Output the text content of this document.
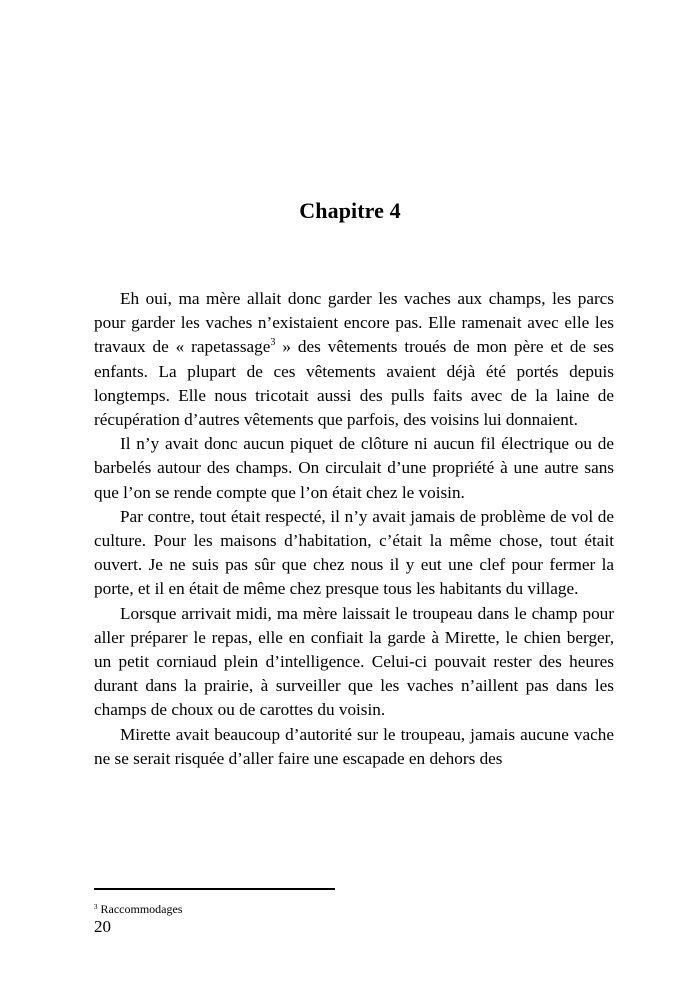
Chapitre 4

Eh oui, ma mère allait donc garder les vaches aux champs, les parcs pour garder les vaches n’existaient encore pas. Elle ramenait avec elle les travaux de « rapetassage$^3$ » des vêtements troués de mon père et de ses enfants. La plupart de ces vêtements avaient déjà été portés depuis longtemps. Elle nous tricotait aussi des pulls faits avec de la laine de récupération d’autres vêtements que parfois, des voisins lui donnaient.

Il n’y avait donc aucun piquet de clôture ni aucun fil électrique ou de barbelés autour des champs. On circulait d’une propriété à une autre sans que l’on se rende compte que l’on était chez le voisin.

Par contre, tout était respecté, il n’y avait jamais de problème de vol de culture. Pour les maisons d’habitation, c’était la même chose, tout était ouvert. Je ne suis pas sûr que chez nous il y eut une clef pour fermer la porte, et il en était de même chez presque tous les habitants du village.

Lorsque arrivait midi, ma mère laissait le troupeau dans le champ pour aller préparer le repas, elle en confiait la garde à Mirette, le chien berger, un petit corniaud plein d’intelligence. Celui-ci pouvait rester des heures durant dans la prairie, à surveiller que les vaches n’aillent pas dans les champs de choux ou de carottes du voisin.

Mirette avait beaucoup d’autorité sur le troupeau, jamais aucune vache ne se serait risquée d’aller faire une escapade en dehors des

$^3$ Raccommodages
20
